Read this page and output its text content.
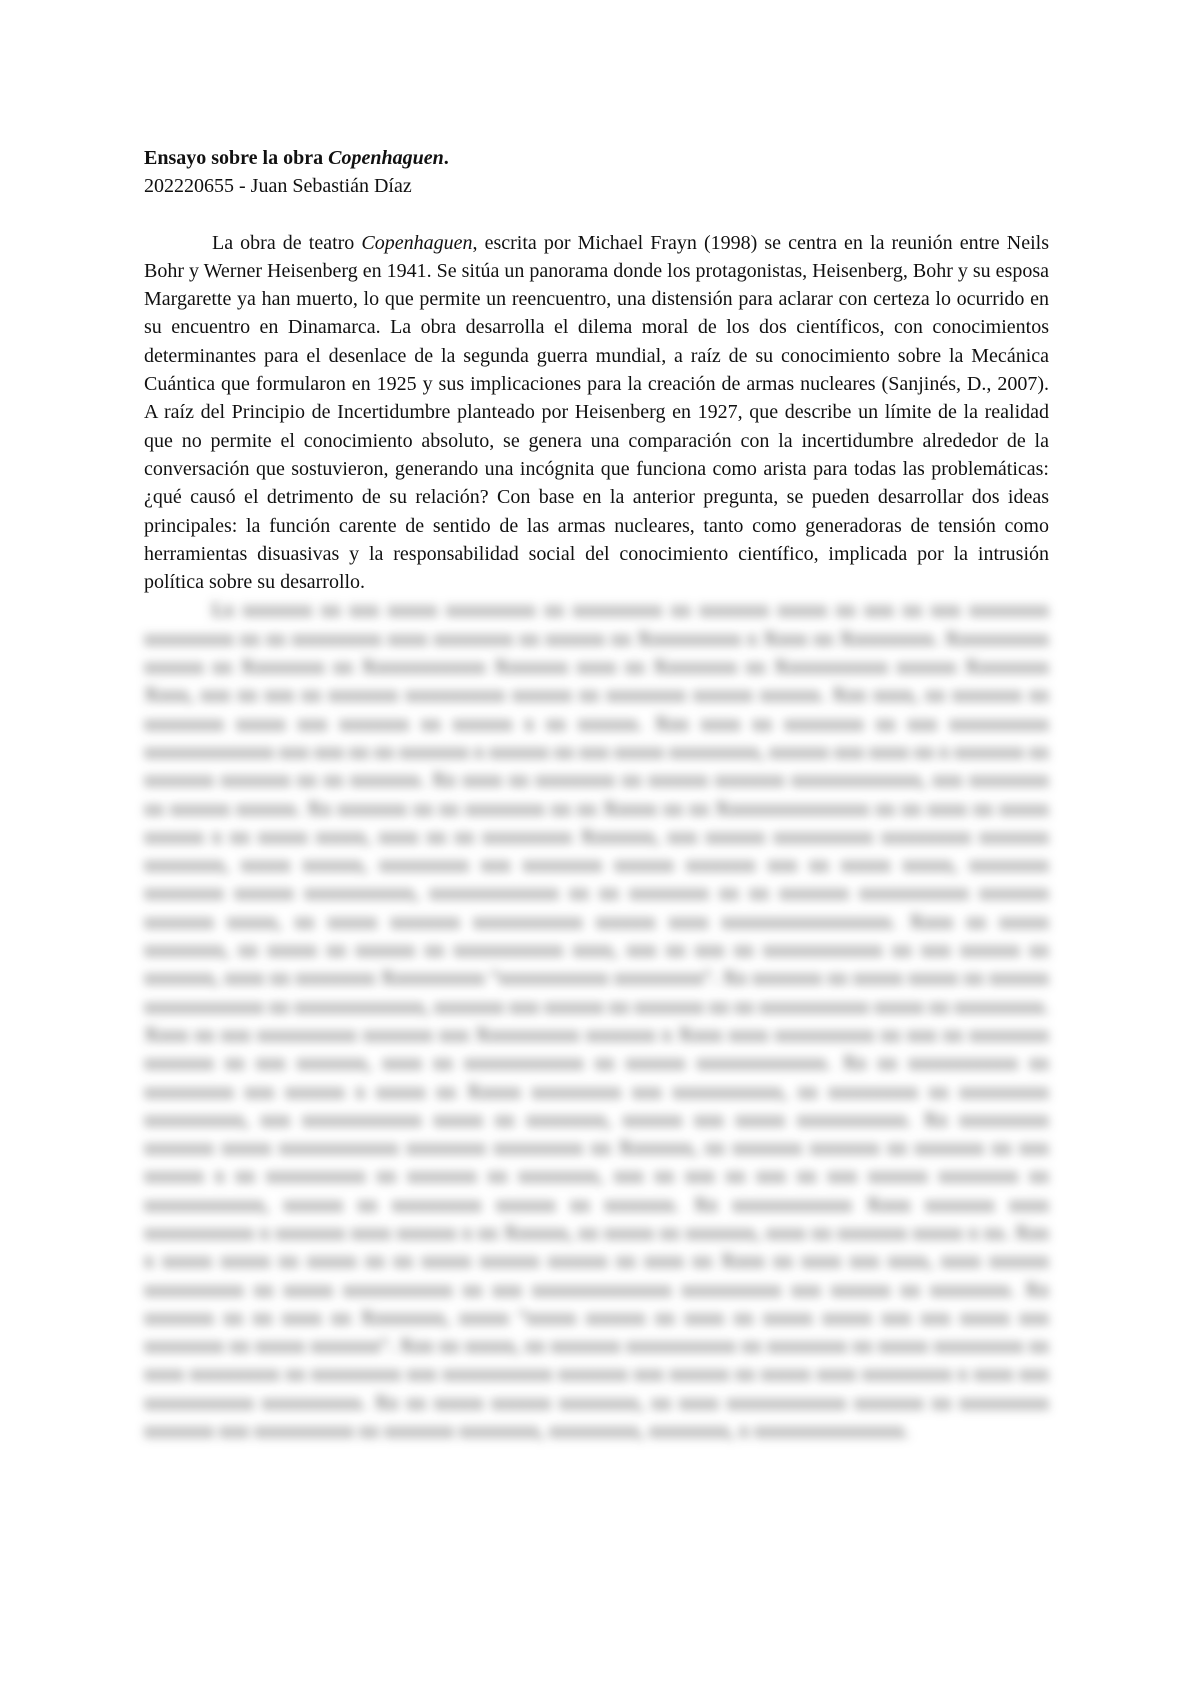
Ensayo sobre la obra Copenhaguen.

202220655 - Juan Sebastián Díaz

La obra de teatro Copenhaguen, escrita por Michael Frayn (1998) se centra en la reunión entre Neils Bohr y Werner Heisenberg en 1941. Se sitúa un panorama donde los protagonistas, Heisenberg, Bohr y su esposa Margarette ya han muerto, lo que permite un reencuentro, una distensión para aclarar con certeza lo ocurrido en su encuentro en Dinamarca. La obra desarrolla el dilema moral de los dos científicos, con conocimientos determinantes para el desenlace de la segunda guerra mundial, a raíz de su conocimiento sobre la Mecánica Cuántica que formularon en 1925 y sus implicaciones para la creación de armas nucleares (Sanjinés, D., 2007). A raíz del Principio de Incertidumbre planteado por Heisenberg en 1927, que describe un límite de la realidad que no permite el conocimiento absoluto, se genera una comparación con la incertidumbre alrededor de la conversación que sostuvieron, generando una incógnita que funciona como arista para todas las problemáticas: ¿qué causó el detrimento de su relación? Con base en la anterior pregunta, se pueden desarrollar dos ideas principales: la función carente de sentido de las armas nucleares, tanto como generadoras de tensión como herramientas disuasivas y la responsabilidad social del conocimiento científico, implicada por la intrusión política sobre su desarrollo.

Lx xxxxxxx xx xxx xxxxx xxxxxxxxx xx xxxxxxxxx xx xxxxxxx xxxxx xx xxx xx xxx xxxxxxxx xxxxxxxxx xx xx xxxxxxxxx xxxx xxxxxxxx xx xxxxxx xx Xxxxxxxxxx x Xxxx xx Xxxxxxxxx. Xxxxxxxxxx xxxxxx xx Xxxxxxxx xx Xxxxxxxxxxxx Xxxxxxx xxxx xx Xxxxxxxx xx Xxxxxxxxxxx xxxxxx Xxxxxxxx Xxxx, xxx xx xxx xx xxxxxxx xxxxxxxxxx xxxxxx xx xxxxxxxx xxxxxx xxxxxx. Xxx xxxx, xx xxxxxxx xx xxxxxxxx xxxxx xxx xxxxxxx xx xxxxxx x xx xxxxxx. Xxx xxxx xx xxxxxxxx xx xxx xxxxxxxxxx xxxxxxxxxxxxx xxx xxx xx xx xxxxxxx x xxxxxx xx xxx xxxxx xxxxxxxxx, xxxxxx xxx xxxx xx x xxxxxxx xx xxxxxxx xxxxxxx xx xx xxxxxxx. Xx xxxx xx xxxxxxxx xx xxxxxx xxxxxxx xxxxxxxxxxxxx, xxx xxxxxxxx xx xxxxxx xxxxxx. Xx xxxxxxx xx xx xxxxxxxx xx xx Xxxxx xx xx Xxxxxxxxxxxxxxx xx xx xxxx xx xxxxx xxxxxx x xx xxxxx xxxxx, xxxx xx xx xxxxxxxxx Xxxxxxx, xxx xxxxxx xxxxxxxxxx xxxxxxxxx xxxxxxx xxxxxxxx, xxxxx xxxxxx, xxxxxxxxx xxx xxxxxxxx xxxxxx xxxxxxx xxx xx xxxxx xxxxx, xxxxxxxx xxxxxxxx xxxxxx xxxxxxxxxxx, xxxxxxxxxxxxx xx xx xxxxxxxx xx xx xxxxxxx xxxxxxxxxxx xxxxxxx xxxxxxx xxxxx, xx xxxxx xxxxxxx xxxxxxxxxxx xxxxxx xxxx xxxxxxxxxxxxxxxxx. Xxxx xx xxxxx xxxxxxxx, xx xxxxx xx xxxxxx xx xxxxxxxxxxx xxxx, xxx xx xxx xx xxxxxxxxxxxx xx xxx xxxxxx xx xxxxxxx, xxxx xx xxxxxxxx Xxxxxxxxxx "xxxxxxxxxxx xxxxxxxxx". Xx xxxxxxx xx xxxxx xxxxx xx xxxxxx xxxxxxxxxxxx xx xxxxxxxxxxxxx, xxxxxxx xxx xxxxxx xx xxxxxxx xx xx xxxxxxxxxxx xxxxx xx xxxxxxxxx. Xxxx xx xxx xxxxxxxxxx xxxxxxx xxx Xxxxxxxxxx xxxxxxx x Xxxx xxxx xxxxxxxxxx xx xxx xx xxxxxxxx xxxxxxx xx xxx xxxxxxx, xxxx xx xxxxxxxxxxxx xx xxxxxx xxxxxxxxxxxxx. Xx xx xxxxxxxxxxx xx xxxxxxxxx xxx xxxxxx x xxxxx xx Xxxxx xxxxxxxxx xxx xxxxxxxxxxx, xx xxxxxxxxx xx xxxxxxxxx xxxxxxxxxx, xxx xxxxxxxxxxxx xxxxx xx xxxxxxxx, xxxxxx xxx xxxxx xxxxxxxxxxx. Xx xxxxxxxxx xxxxxxx xxxxx xxxxxxxxxxxx xxxxxxxx xxxxxxxxx xx Xxxxxxx, xx xxxxxxx xxxxxxx xx xxxxxxx xx xxx xxxxxx x xx xxxxxxxxxx xx xxxxxxx xx xxxxxxxx, xxx xx xxx xx xxx xx xxx xxxxxx xxxxxxxx xx xxxxxxxxxxxx, xxxxxx xx xxxxxxxxx xxxxxx xx xxxxxxx. Xx xxxxxxxxxxxx Xxxx xxxxxxx xxxx xxxxxxxxxxx x xxxxxxx xxxx xxxxxx x xx Xxxxxx, xx xxxxx xx xxxxxxx, xxxx xx xxxxxxx xxxxx x xx. Xxx x xxxxx xxxxx xx xxxxx xx xx xxxxx xxxxxx xxxxxx xx xxxx xx Xxxx xx xxxx xxx xxxx, xxxx xxxxxx xxxxxxxxxx xx xxxxx xxxxxxxxxxx xx xxx xxxxxxxxxxxxxx xxxxxxxxxx xxx xxxxxx xx xxxxxxxx. Xx xxxxxxx xx xx xxxx xx Xxxxxxxx, xxxxx "xxxxx xxxxxx xx xxxx xx xxxxx xxxxx xxx xxx xxxxx xxx xxxxxxxx xx xxxxx xxxxxxx". Xxx xx xxxxx, xx xxxxxxx xxxxxxxxxxx xx xxxxxxxx xx xxxxx xxxxxxxxx xx xxxx xxxxxxxxx xx xxxxxxxxx xxx xxxxxxxxxxx xxxxxxx xxx xxxxxx xx xxxxx xxxx xxxxxxxxx x xxxx xxx xxxxxxxxxxx xxxxxxxxxx. Xx xx xxxxx xxxxxx xxxxxxxx, xx xxxx xxxxxxxxxxxx xxxxxxx xx xxxxxxxxx xxxxxxx xxx xxxxxxxxxx xx xxxxxxx xxxxxxxx, xxxxxxxxx, xxxxxxxx, x xxxxxxxxxxxxxxx.
